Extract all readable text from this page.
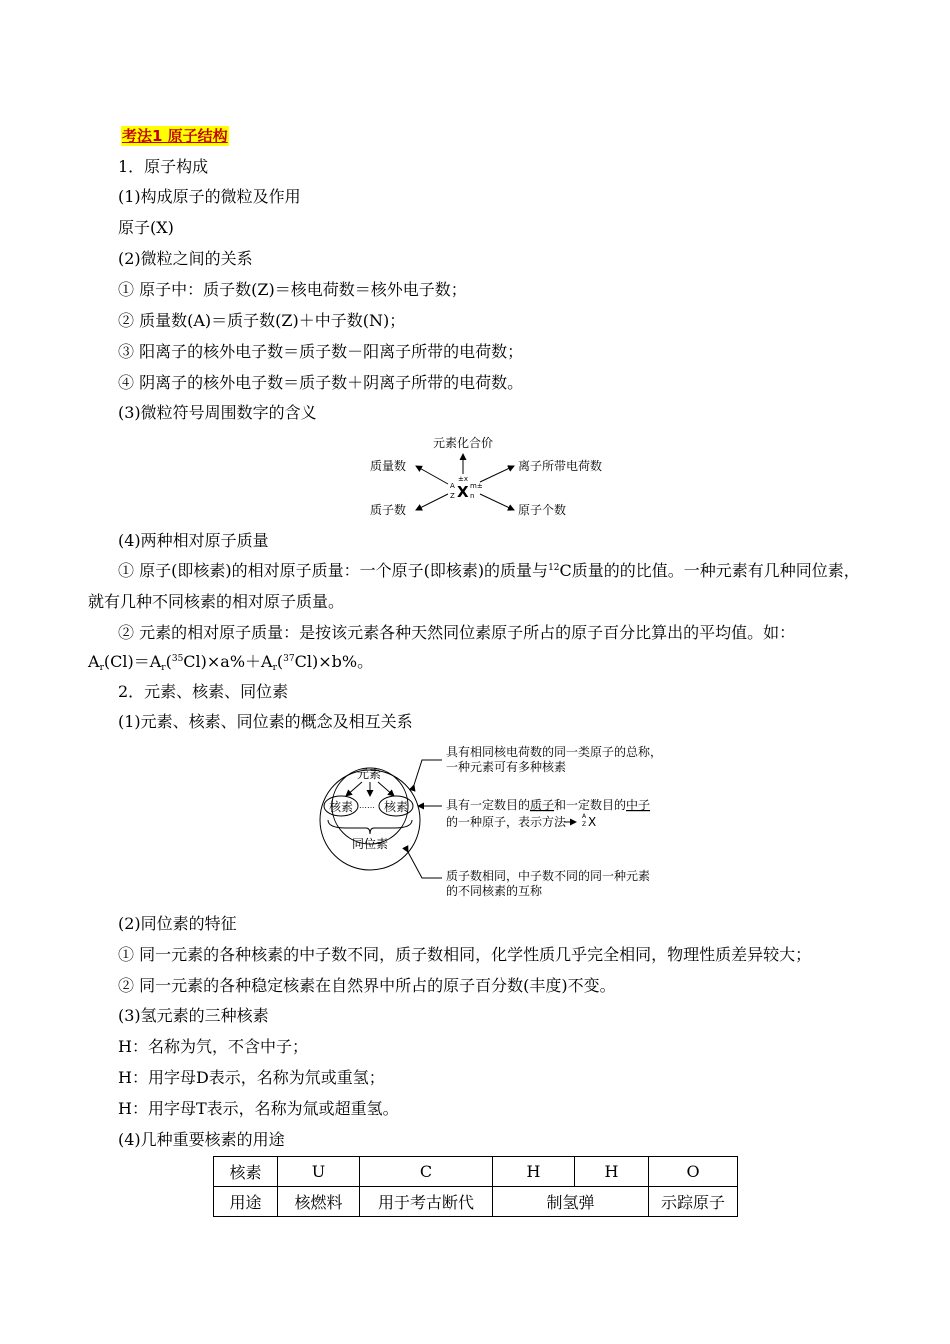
考法1 原子结构
1．原子构成
(1)构成原子的微粒及作用
原子(X)
(2)微粒之间的关系
① 原子中：质子数(Z)＝核电荷数＝核外电子数；
② 质量数(A)＝质子数(Z)＋中子数(N)；
③ 阳离子的核外电子数＝质子数－阳离子所带的电荷数；
④ 阴离子的核外电子数＝质子数＋阴离子所带的电荷数。
(3)微粒符号周围数字的含义
元素化合价
质量数	离子所带电荷数
质子数	原子个数
±x
A
Z X m±
n
(4)两种相对原子质量
① 原子(即核素)的相对原子质量：一个原子(即核素)的质量与$^{12}$C质量的的比值。一种元素有几种同位素，就有几种不同核素的相对原子质量。
② 元素的相对原子质量：是按该元素各种天然同位素原子所占的原子百分比算出的平均值。如：
$A_r(Cl)=A_r(^{35}Cl)\times a\%+A_r(^{37}Cl)\times b\%$。
2．元素、核素、同位素
(1)元素、核素、同位素的概念及相互关系
元素
核素	核素
……
同位素
具有相同核电荷数的同一类原子的总称，
一种元素可有多种核素
具有一定数目的质子和一定数目的中子
的一种原子，表示方法	A
Z X
质子数相同，中子数不同的同一种元素
的不同核素的互称
(2)同位素的特征
① 同一元素的各种核素的中子数不同，质子数相同，化学性质几乎完全相同，物理性质差异较大；
② 同一元素的各种稳定核素在自然界中所占的原子百分数(丰度)不变。
(3)氢元素的三种核素
H：名称为氕，不含中子；
H：用字母D表示，名称为氘或重氢；
H：用字母T表示，名称为氚或超重氢。
(4)几种重要核素的用途
核素	U	C	H	H	O
用途	核燃料	用于考古断代	制氢弹		示踪原子
